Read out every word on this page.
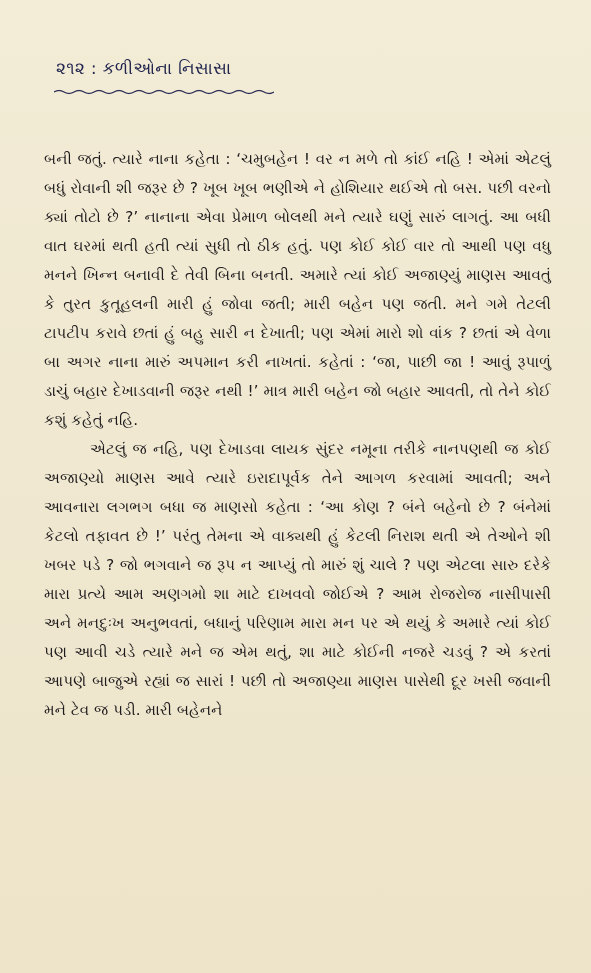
૨૧૨ : કળીઓના નિસાસા

બની જતું. ત્યારે નાના કહેતા : ‘ચમુબહેન ! વર ન મળે તો કાંઈ નહિ ! એમાં એટલું બધું રોવાની શી જરૂર છે ? ખૂબ ખૂબ ભણીએ ને હોશિયાર થઈએ તો બસ. પછી વરનો ક્યાં તોટો છે ?’ નાનાના એવા પ્રેમાળ બોલથી મને ત્યારે ઘણું સારું લાગતું. આ બધી વાત ઘરમાં થતી હતી ત્યાં સુધી તો ઠીક હતું. પણ કોઈ કોઈ વાર તો આથી પણ વધુ મનને ખિન્ન બનાવી દે તેવી બિના બનતી. અમારે ત્યાં કોઈ અજાણ્યું માણસ આવતું કે તુરત કુતૂહલની મારી હું જોવા જતી; મારી બહેન પણ જતી. મને ગમે તેટલી ટાપટીપ કરાવે છતાં હું બહુ સારી ન દેખાતી; પણ એમાં મારો શો વાંક ? છતાં એ વેળા બા અગર નાના મારું અપમાન કરી નાખતાં. કહેતાં : ‘જા, પાછી જા ! આવું રૂપાળું ડાચું બહાર દેખાડવાની જરૂર નથી !’ માત્ર મારી બહેન જો બહાર આવતી, તો તેને કોઈ કશું કહેતું નહિ.

એટલું જ નહિ, પણ દેખાડવા લાયક સુંદર નમૂના તરીકે નાનપણથી જ કોઈ અજાણ્યો માણસ આવે ત્યારે ઇરાદાપૂર્વક તેને આગળ કરવામાં આવતી; અને આવનારા લગભગ બધા જ માણસો કહેતા : ‘આ કોણ ? બંને બહેનો છે ? બંનેમાં કેટલો તફાવત છે !’ પરંતુ તેમના એ વાક્યથી હું કેટલી નિરાશ થતી એ તેઓને શી ખબર પડે ? જો ભગવાને જ રૂપ ન આપ્યું તો મારું શું ચાલે ? પણ એટલા સારુ દરેકે મારા પ્રત્યે આમ અણગમો શા માટે દાખવવો જોઈએ ? આમ રોજરોજ નાસીપાસી અને મનદુઃખ અનુભવતાં, બધાનું પરિણામ મારા મન પર એ થયું કે અમારે ત્યાં કોઈ પણ આવી ચડે ત્યારે મને જ એમ થતું, શા માટે કોઈની નજરે ચડવું ? એ કરતાં આપણે બાજુએ રહ્યાં જ સારાં ! પછી તો અજાણ્યા માણસ પાસેથી દૂર ખસી જવાની મને ટેવ જ પડી. મારી બહેનને
